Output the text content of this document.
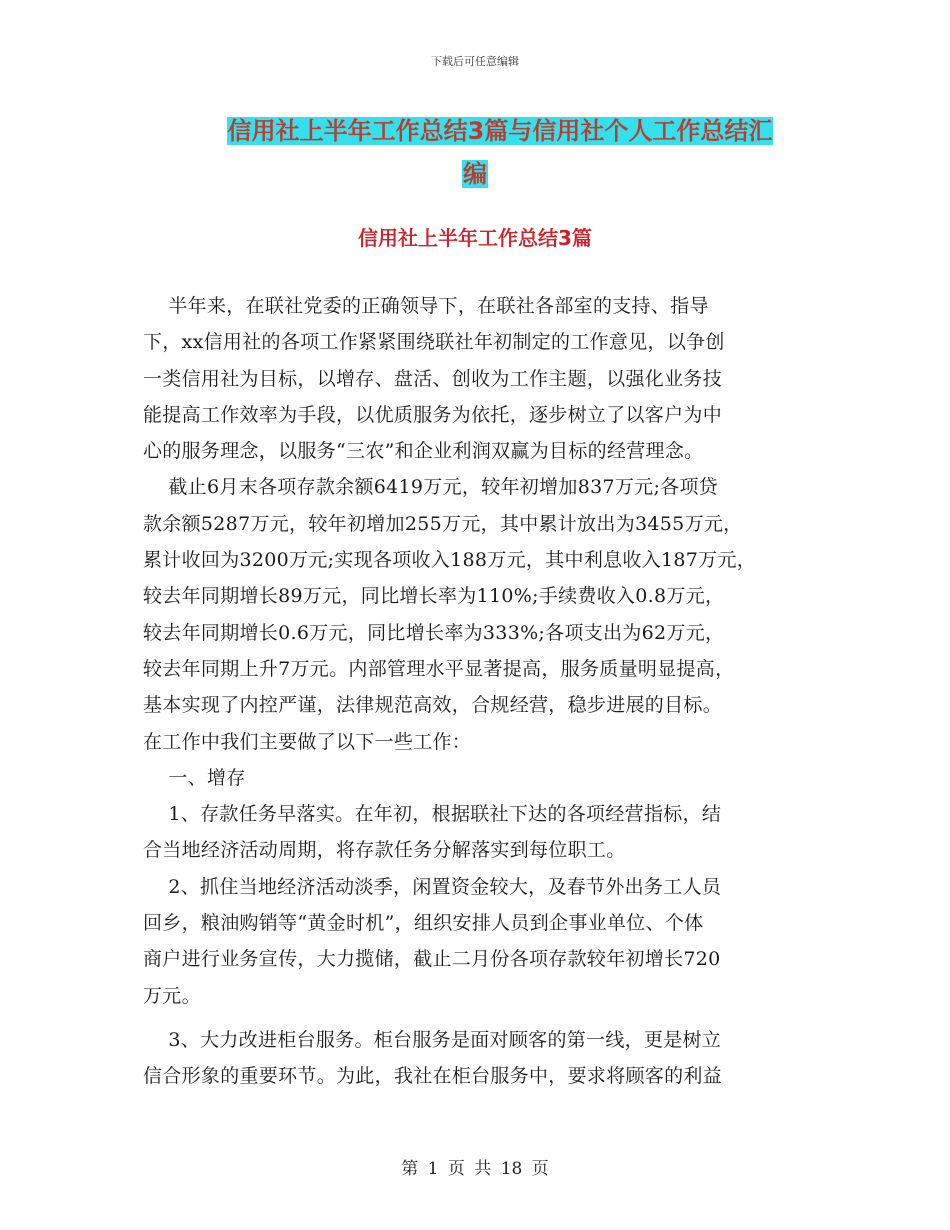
下载后可任意编辑
信用社上半年工作总结3篇与信用社个人工作总结汇
编
信用社上半年工作总结3篇
半年来，在联社党委的正确领导下，在联社各部室的支持、指导
下，xx信用社的各项工作紧紧围绕联社年初制定的工作意见，以争创
一类信用社为目标，以增存、盘活、创收为工作主题，以强化业务技
能提高工作效率为手段，以优质服务为依托，逐步树立了以客户为中
心的服务理念，以服务“三农”和企业利润双赢为目标的经营理念。
截止6月末各项存款余额6419万元，较年初增加837万元;各项贷
款余额5287万元，较年初增加255万元，其中累计放出为3455万元，
累计收回为3200万元;实现各项收入188万元，其中利息收入187万元，
较去年同期增长89万元，同比增长率为110%;手续费收入0.8万元，
较去年同期增长0.6万元，同比增长率为333%;各项支出为62万元，
较去年同期上升7万元。内部管理水平显著提高，服务质量明显提高，
基本实现了内控严谨，法律规范高效，合规经营，稳步进展的目标。
在工作中我们主要做了以下一些工作：
一、增存
1、存款任务早落实。在年初，根据联社下达的各项经营指标，结
合当地经济活动周期，将存款任务分解落实到每位职工。
2、抓住当地经济活动淡季，闲置资金较大，及春节外出务工人员
回乡，粮油购销等“黄金时机”，组织安排人员到企事业单位、个体
商户进行业务宣传，大力揽储，截止二月份各项存款较年初增长720
万元。
3、大力改进柜台服务。柜台服务是面对顾客的第一线，更是树立
信合形象的重要环节。为此，我社在柜台服务中，要求将顾客的利益
第 1 页 共 18 页
